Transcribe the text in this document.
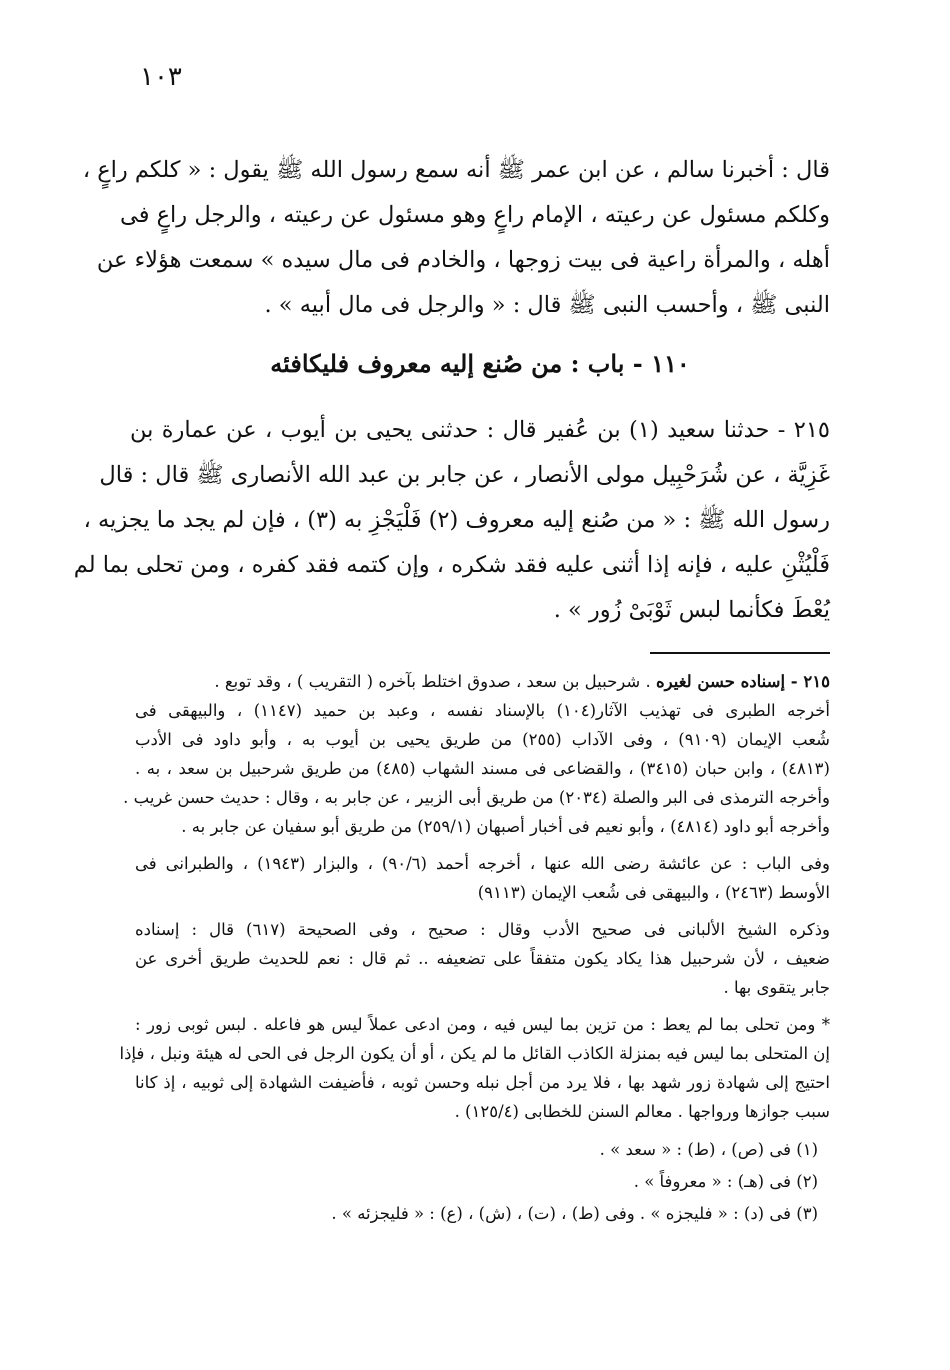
١٠٣
قال : أخبرنا سالم ، عن ابن عمر ﷺ أنه سمع رسول الله ﷺ يقول : « كلكم راعٍ ،
وكلكم مسئول عن رعيته ، الإمام راعٍ وهو مسئول عن رعيته ، والرجل راعٍ فى
أهله ، والمرأة راعية فى بيت زوجها ، والخادم فى مال سيده » سمعت هؤلاء عن
النبى ﷺ ، وأحسب النبى ﷺ قال : « والرجل فى مال أبيه » .
١١٠ - باب : من صُنع إليه معروف فليكافئه
٢١٥ - حدثنا سعيد (١) بن عُفير قال : حدثنى يحيى بن أيوب ، عن عمارة بن
غَزِيَّة ، عن شُرَحْبِيل مولى الأنصار ، عن جابر بن عبد الله الأنصارى ﷺ قال : قال
رسول الله ﷺ : « من صُنع إليه معروف (٢) فَلْيَجْزِ به (٣) ، فإن لم يجد ما يجزيه ،
فَلْيُثْنِ عليه ، فإنه إذا أثنى عليه فقد شكره ، وإن كتمه فقد كفره ، ومن تحلى بما لم
يُعْطَ فكأنما لبس ثَوْبَىْ زُور » .
٢١٥ - إسناده حسن لغيره . شرحبيل بن سعد ، صدوق اختلط بآخره ( التقريب ) ، وقد توبع .
أخرجه الطبرى فى تهذيب الآثار(١٠٤) بالإسناد نفسه ، وعبد بن حميد (١١٤٧) ، والبيهقى فى
شُعب الإيمان (٩١٠٩) ، وفى الآداب (٢٥٥) من طريق يحيى بن أيوب به ، وأبو داود فى الأدب
(٤٨١٣) ، وابن حبان (٣٤١٥) ، والقضاعى فى مسند الشهاب (٤٨٥) من طريق شرحبيل بن سعد ، به .
وأخرجه الترمذى فى البر والصلة (٢٠٣٤) من طريق أبى الزبير ، عن جابر به ، وقال : حديث حسن غريب .
وأخرجه أبو داود (٤٨١٤) ، وأبو نعيم فى أخبار أصبهان (٢٥٩/١) من طريق أبو سفيان عن جابر به .
وفى الباب : عن عائشة رضى الله عنها ، أخرجه أحمد (٩٠/٦) ، والبزار (١٩٤٣) ، والطبرانى فى
الأوسط (٢٤٦٣) ، والبيهقى فى شُعب الإيمان (٩١١٣)
وذكره الشيخ الألبانى فى صحيح الأدب وقال : صحيح ، وفى الصحيحة (٦١٧) قال : إسناده
ضعيف ، لأن شرحبيل هذا يكاد يكون متفقاً على تضعيفه .. ثم قال : نعم للحديث طريق أخرى عن
جابر يتقوى بها .
* ومن تحلى بما لم يعط : من تزين بما ليس فيه ، ومن ادعى عملاً ليس هو فاعله . لبس ثوبى زور :
إن المتحلى بما ليس فيه بمنزلة الكاذب القائل ما لم يكن ، أو أن يكون الرجل فى الحى له هيئة ونبل ، فإذا
احتيج إلى شهادة زور شهد بها ، فلا يرد من أجل نبله وحسن ثوبه ، فأضيفت الشهادة إلى ثوبيه ، إذ كانا
سبب جوازها ورواجها . معالم السنن للخطابى (١٢٥/٤) .
(١) فى (ص) ، (ط) : « سعد » .
(٢) فى (هـ) : « معروفاً » .
(٣) فى (د) : « فليجزه » . وفى (ط) ، (ت) ، (ش) ، (ع) : « فليجزئه » .
